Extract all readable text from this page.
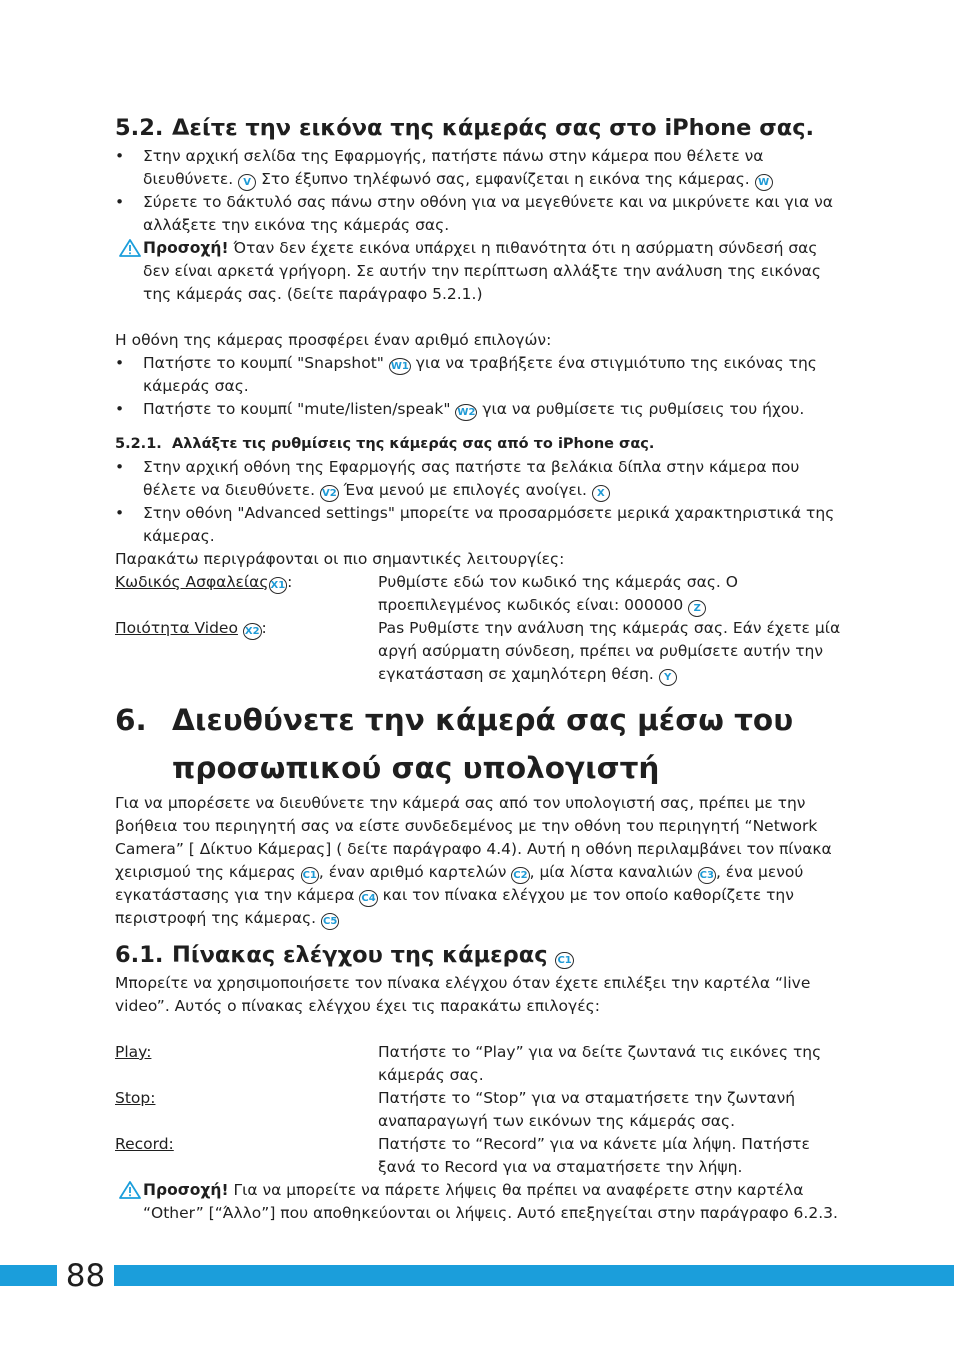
5.2. Δείτε την εικόνα της κάμεράς σας στο iPhone σας.
• Στην αρχική σελίδα της Εφαρμογής, πατήστε πάνω στην κάμερα που θέλετε να διευθύνετε. V Στο έξυπνο τηλέφωνό σας, εμφανίζεται η εικόνα της κάμερας. W
• Σύρετε το δάκτυλό σας πάνω στην οθόνη για να μεγεθύνετε και να μικρύνετε και για να αλλάξετε την εικόνα της κάμεράς σας.
Προσοχή! Όταν δεν έχετε εικόνα υπάρχει η πιθανότητα ότι η ασύρματη σύνδεσή σας δεν είναι αρκετά γρήγορη. Σε αυτήν την περίπτωση αλλάξτε την ανάλυση της εικόνας της κάμεράς σας. (δείτε παράγραφο 5.2.1.)

Η οθόνη της κάμερας προσφέρει έναν αριθμό επιλογών:

• Πατήστε το κουμπί "Snapshot" W1 για να τραβήξετε ένα στιγμιότυπο της εικόνας της κάμεράς σας.
• Πατήστε το κουμπί "mute/listen/speak" W2 για να ρυθμίσετε τις ρυθμίσεις του ήχου.
5.2.1. Αλλάξτε τις ρυθμίσεις της κάμεράς σας από το iPhone σας.
• Στην αρχική οθόνη της Εφαρμογής σας πατήστε τα βελάκια δίπλα στην κάμερα που θέλετε να διευθύνετε. V2 Ένα μενού με επιλογές ανοίγει. X
• Στην οθόνη "Advanced settings" μπορείτε να προσαρμόσετε μερικά χαρακτηριστικά της κάμερας.

Παρακάτω περιγράφονται οι πιο σημαντικές λειτουργίες:

Κωδικός Ασφαλείας X1 :	Ρυθμίστε εδώ τον κωδικό της κάμεράς σας. Ο προεπιλεγμένος κωδικός είναι: 000000 Z
Ποιότητα Video X2 :	Pas Ρυθμίστε την ανάλυση της κάμεράς σας. Εάν έχετε μία αργή ασύρματη σύνδεση, πρέπει να ρυθμίσετε αυτήν την εγκατάσταση σε χαμηλότερη θέση. Y
6. Διευθύνετε την κάμερά σας μέσω του
προσωπικού σας υπολογιστή

Για να μπορέσετε να διευθύνετε την κάμερά σας από τον υπολογιστή σας, πρέπει με την βοήθεια του περιηγητή σας να είστε συνδεδεμένος με την οθόνη του περιηγητή “Network Camera” [ Δίκτυο Κάμερας] ( δείτε παράγραφο 4.4). Αυτή η οθόνη περιλαμβάνει τον πίνακα χειρισμού της κάμερας C1 , έναν αριθμό καρτελών C2 , μία λίστα καναλιών C3 , ένα μενού εγκατάστασης για την κάμερα C4 και τον πίνακα ελέγχου με τον οποίο καθορίζετε την περιστροφή της κάμερας. C5

6.1. Πίνακας ελέγχου της κάμερας C1

Μπορείτε να χρησιμοποιήσετε τον πίνακα ελέγχου όταν έχετε επιλέξει την καρτέλα “live video”. Αυτός ο πίνακας ελέγχου έχει τις παρακάτω επιλογές:

Play:	Πατήστε το “Play” για να δείτε ζωντανά τις εικόνες της κάμεράς σας.
Stop:	Πατήστε το “Stop” για να σταματήσετε την ζωντανή αναπαραγωγή των εικόνων της κάμεράς σας.
Record:	Πατήστε το “Record” για να κάνετε μία λήψη. Πατήστε ξανά το Record για να σταματήσετε την λήψη.
Προσοχή! Για να μπορείτε να πάρετε λήψεις θα πρέπει να αναφέρετε στην καρτέλα “Other” [“Άλλο”] που αποθηκεύονται οι λήψεις. Αυτό επεξηγείται στην παράγραφο 6.2.3.
88
